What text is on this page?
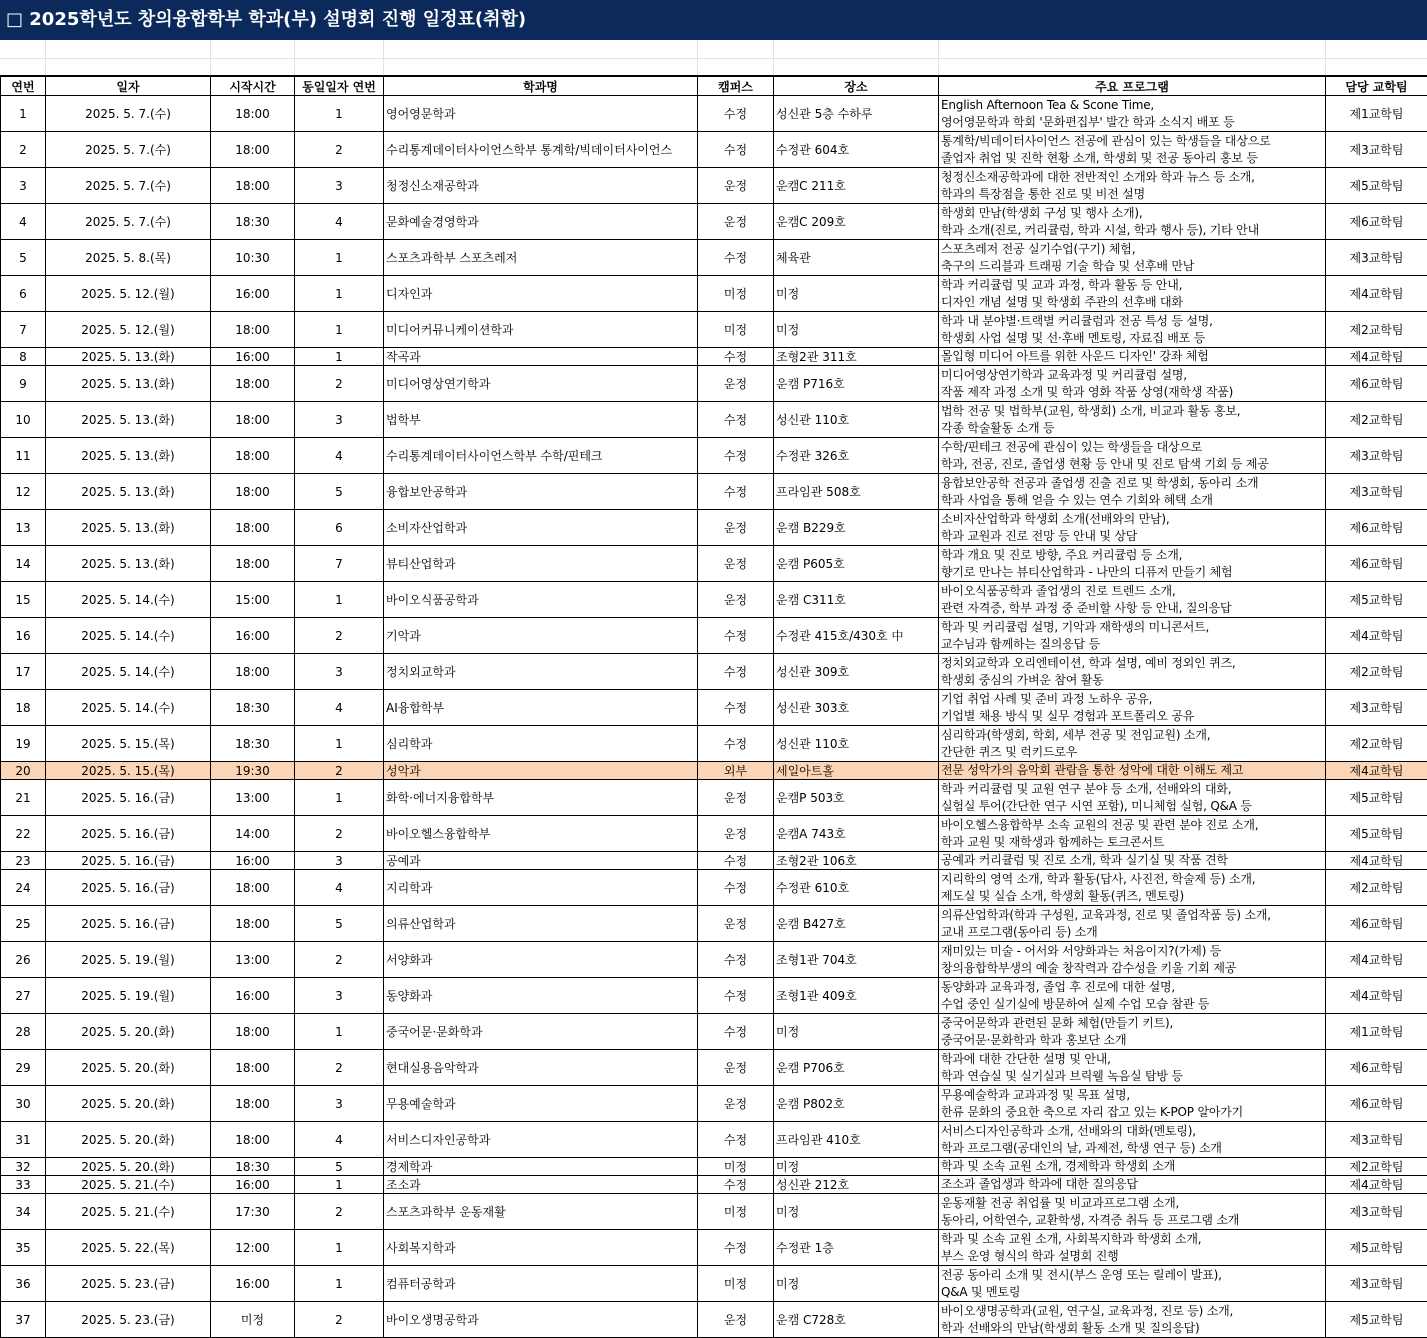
□ 2025학년도 창의융합학부 학과(부) 설명회 진행 일정표(취합)
연번	일자	시작시간	동일일자 연번	학과명	캠퍼스	장소	주요 프로그램	담당 교학팀
1	2025. 5. 7.(수)	18:00	1	영어영문학과	수정	성신관 5층 수하루	English Afternoon Tea & Scone Time,
영어영문학과 학회 '문화편집부' 발간 학과 소식지 배포 등	제1교학팀
2	2025. 5. 7.(수)	18:00	2	수리통계데이터사이언스학부 통계학/빅데이터사이언스	수정	수정관 604호	통계학/빅데이터사이언스 전공에 관심이 있는 학생들을 대상으로
졸업자 취업 및 진학 현황 소개, 학생회 및 전공 동아리 홍보 등	제3교학팀
3	2025. 5. 7.(수)	18:00	3	청정신소재공학과	운정	운캠C 211호	청정신소재공학과에 대한 전반적인 소개와 학과 뉴스 등 소개,
학과의 특장점을 통한 진로 및 비전 설명	제5교학팀
4	2025. 5. 7.(수)	18:30	4	문화예술경영학과	운정	운캠C 209호	학생회 만남(학생회 구성 및 행사 소개),
학과 소개(진로, 커리큘럼, 학과 시설, 학과 행사 등), 기타 안내	제6교학팀
5	2025. 5. 8.(목)	10:30	1	스포츠과학부 스포츠레저	수정	체육관	스포츠레저 전공 실기수업(구기) 체험,
축구의 드리블과 트래핑 기술 학습 및 선후배 만남	제3교학팀
6	2025. 5. 12.(월)	16:00	1	디자인과	미정	미정	학과 커리큘럼 및 교과 과정, 학과 활동 등 안내,
디자인 개념 설명 및 학생회 주관의 선후배 대화	제4교학팀
7	2025. 5. 12.(월)	18:00	1	미디어커뮤니케이션학과	미정	미정	학과 내 분야별·트랙별 커리큘럼과 전공 특성 등 설명,
학생회 사업 설명 및 선·후배 멘토링, 자료집 배포 등	제2교학팀
8	2025. 5. 13.(화)	16:00	1	작곡과	수정	조형2관 311호	몰입형 미디어 아트를 위한 사운드 디자인' 강좌 체험	제4교학팀
9	2025. 5. 13.(화)	18:00	2	미디어영상연기학과	운정	운캠 P716호	미디어영상연기학과 교육과정 및 커리큘럼 설명,
작품 제작 과정 소개 및 학과 영화 작품 상영(재학생 작품)	제6교학팀
10	2025. 5. 13.(화)	18:00	3	법학부	수정	성신관 110호	법학 전공 및 법학부(교원, 학생회) 소개, 비교과 활동 홍보,
각종 학술활동 소개 등	제2교학팀
11	2025. 5. 13.(화)	18:00	4	수리통계데이터사이언스학부 수학/핀테크	수정	수정관 326호	수학/핀테크 전공에 관심이 있는 학생들을 대상으로
학과, 전공, 진로, 졸업생 현황 등 안내 및 진로 탐색 기회 등 제공	제3교학팀
12	2025. 5. 13.(화)	18:00	5	융합보안공학과	수정	프라임관 508호	융합보안공학 전공과 졸업생 진출 진로 및 학생회, 동아리 소개
학과 사업을 통해 얻을 수 있는 연수 기회와 혜택 소개	제3교학팀
13	2025. 5. 13.(화)	18:00	6	소비자산업학과	운정	운캠 B229호	소비자산업학과 학생회 소개(선배와의 만남),
학과 교원과 진로 전망 등 안내 및 상담	제6교학팀
14	2025. 5. 13.(화)	18:00	7	뷰티산업학과	운정	운캠 P605호	학과 개요 및 진로 방향, 주요 커리큘럼 등 소개,
향기로 만나는 뷰티산업학과 - 나만의 디퓨저 만들기 체험	제6교학팀
15	2025. 5. 14.(수)	15:00	1	바이오식품공학과	운정	운캠 C311호	바이오식품공학과 졸업생의 진로 트렌드 소개,
관련 자격증, 학부 과정 중 준비할 사항 등 안내, 질의응답	제5교학팀
16	2025. 5. 14.(수)	16:00	2	기악과	수정	수정관 415호/430호 中	학과 및 커리큘럼 설명, 기악과 재학생의 미니콘서트,
교수님과 함께하는 질의응답 등	제4교학팀
17	2025. 5. 14.(수)	18:00	3	정치외교학과	수정	성신관 309호	정치외교학과 오리엔테이션, 학과 설명, 예비 정외인 퀴즈,
학생회 중심의 가벼운 참여 활동	제2교학팀
18	2025. 5. 14.(수)	18:30	4	AI융합학부	수정	성신관 303호	기업 취업 사례 및 준비 과정 노하우 공유,
기업별 채용 방식 및 실무 경험과 포트폴리오 공유	제3교학팀
19	2025. 5. 15.(목)	18:30	1	심리학과	수정	성신관 110호	심리학과(학생회, 학회, 세부 전공 및 전임교원) 소개,
간단한 퀴즈 및 럭키드로우	제2교학팀
20	2025. 5. 15.(목)	19:30	2	성악과	외부	세일아트홀	전문 성악가의 음악회 관람을 통한 성악에 대한 이해도 제고	제4교학팀
21	2025. 5. 16.(금)	13:00	1	화학·에너지융합학부	운정	운캠P 503호	학과 커리큘럼 및 교원 연구 분야 등 소개, 선배와의 대화,
실험실 투어(간단한 연구 시연 포함), 미니체험 실험, Q&A 등	제5교학팀
22	2025. 5. 16.(금)	14:00	2	바이오헬스융합학부	운정	운캠A 743호	바이오헬스융합학부 소속 교원의 전공 및 관련 분야 진로 소개,
학과 교원 및 재학생과 함께하는 토크콘서트	제5교학팀
23	2025. 5. 16.(금)	16:00	3	공예과	수정	조형2관 106호	공예과 커리큘럼 및 진로 소개, 학과 실기실 및 작품 견학	제4교학팀
24	2025. 5. 16.(금)	18:00	4	지리학과	수정	수정관 610호	지리학의 영역 소개, 학과 활동(답사, 사진전, 학술제 등) 소개,
제도실 및 실습 소개, 학생회 활동(퀴즈, 멘토링)	제2교학팀
25	2025. 5. 16.(금)	18:00	5	의류산업학과	운정	운캠 B427호	의류산업학과(학과 구성원, 교육과정, 진로 및 졸업작품 등) 소개,
교내 프로그램(동아리 등) 소개	제6교학팀
26	2025. 5. 19.(월)	13:00	2	서양화과	수정	조형1관 704호	재미있는 미술 - 어서와 서양화과는 처음이지?(가제) 등
창의융합학부생의 예술 창작력과 감수성을 키울 기회 제공	제4교학팀
27	2025. 5. 19.(월)	16:00	3	동양화과	수정	조형1관 409호	동양화과 교육과정, 졸업 후 진로에 대한 설명,
수업 중인 실기실에 방문하여 실제 수업 모습 참관 등	제4교학팀
28	2025. 5. 20.(화)	18:00	1	중국어문·문화학과	수정	미정	중국어문학과 관련된 문화 체험(만들기 키트),
중국어문·문화학과 학과 홍보단 소개	제1교학팀
29	2025. 5. 20.(화)	18:00	2	현대실용음악학과	운정	운캠 P706호	학과에 대한 간단한 설명 및 안내,
학과 연습실 및 실기실과 브릭웰 녹음실 탐방 등	제6교학팀
30	2025. 5. 20.(화)	18:00	3	무용예술학과	운정	운캠 P802호	무용예술학과 교과과정 및 목표 설명,
한류 문화의 중요한 축으로 자리 잡고 있는 K-POP 알아가기	제6교학팀
31	2025. 5. 20.(화)	18:00	4	서비스디자인공학과	수정	프라임관 410호	서비스디자인공학과 소개, 선배와의 대화(멘토링),
학과 프로그램(공대인의 날, 과제전, 학생 연구 등) 소개	제3교학팀
32	2025. 5. 20.(화)	18:30	5	경제학과	미정	미정	학과 및 소속 교원 소개, 경제학과 학생회 소개	제2교학팀
33	2025. 5. 21.(수)	16:00	1	조소과	수정	성신관 212호	조소과 졸업생과 학과에 대한 질의응답	제4교학팀
34	2025. 5. 21.(수)	17:30	2	스포츠과학부 운동재활	미정	미정	운동재활 전공 취업률 및 비교과프로그램 소개,
동아리, 어학연수, 교환학생, 자격증 취득 등 프로그램 소개	제3교학팀
35	2025. 5. 22.(목)	12:00	1	사회복지학과	수정	수정관 1층	학과 및 소속 교원 소개, 사회복지학과 학생회 소개,
부스 운영 형식의 학과 설명회 진행	제5교학팀
36	2025. 5. 23.(금)	16:00	1	컴퓨터공학과	미정	미정	전공 동아리 소개 및 전시(부스 운영 또는 릴레이 발표),
Q&A 및 멘토링	제3교학팀
37	2025. 5. 23.(금)	미정	2	바이오생명공학과	운정	운캠 C728호	바이오생명공학과(교원, 연구실, 교육과정, 진로 등) 소개,
학과 선배와의 만남(학생회 활동 소개 및 질의응답)	제5교학팀
